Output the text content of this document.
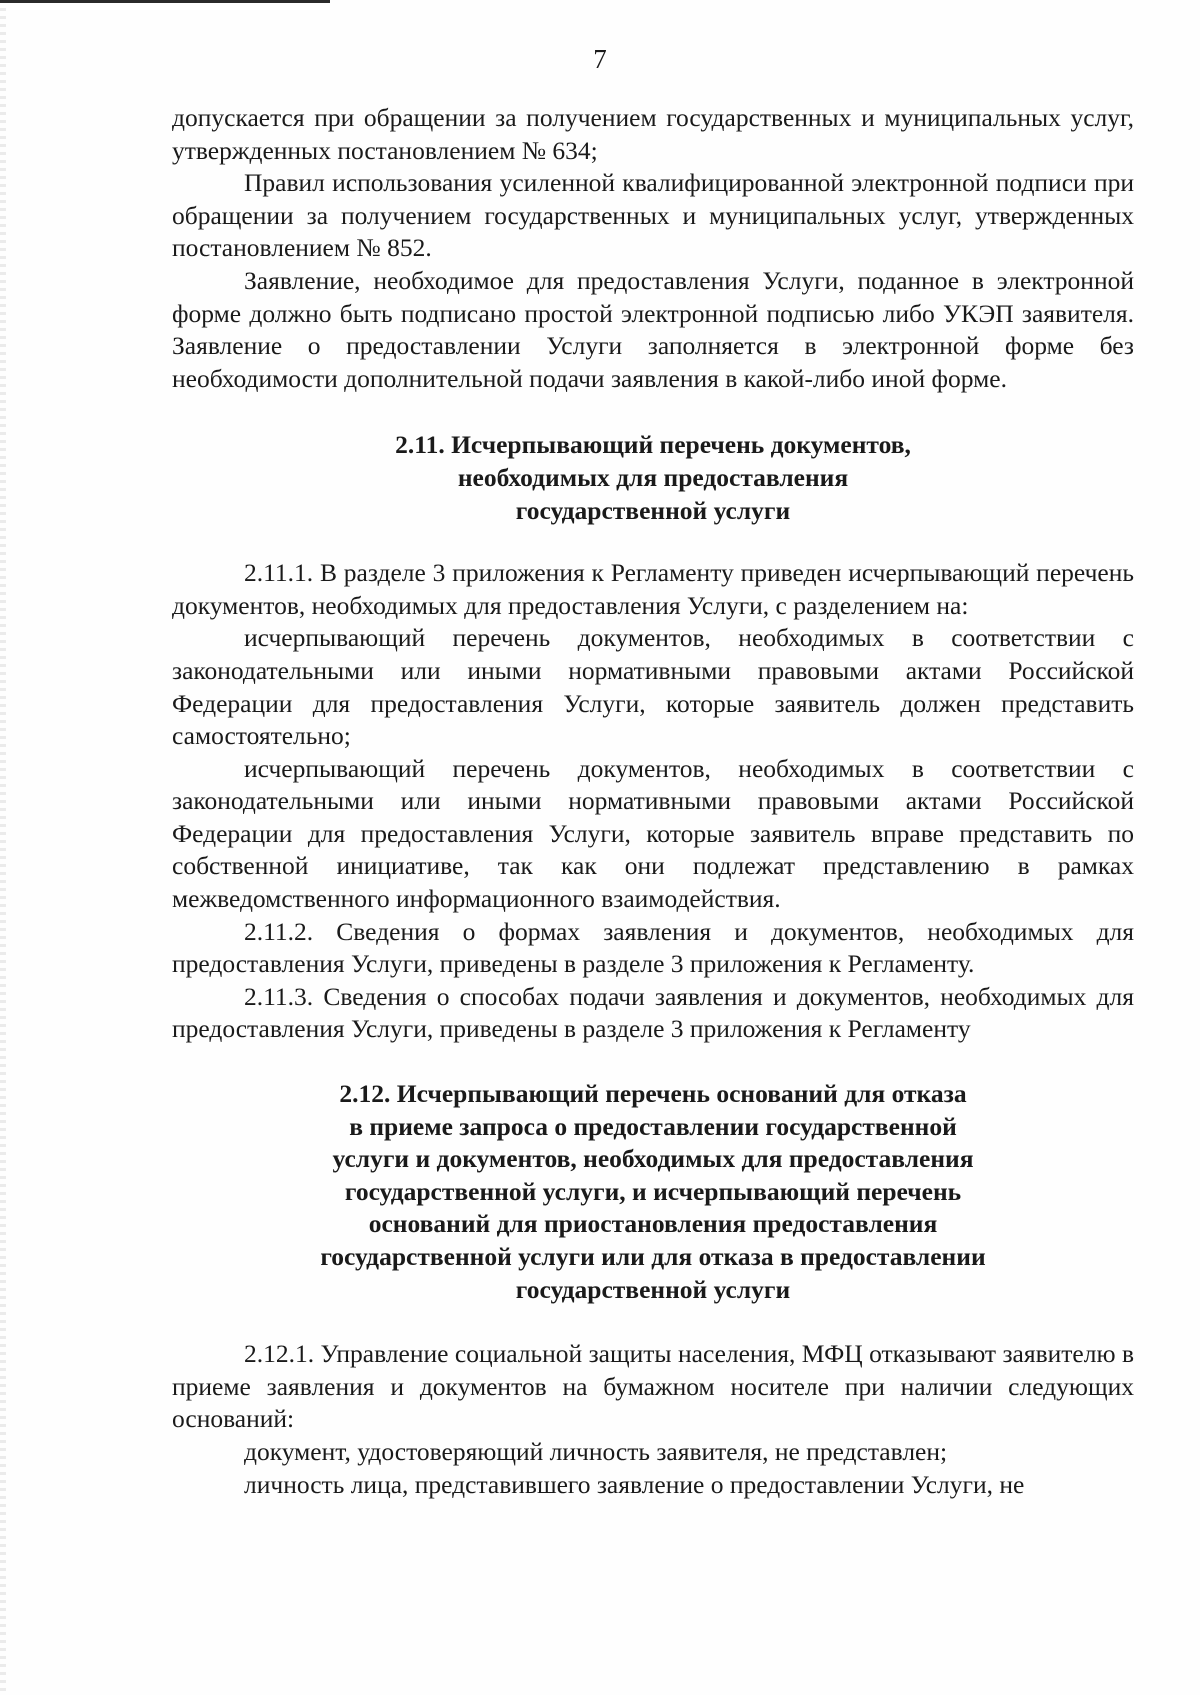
7

допускается при обращении за получением государственных и муниципальных услуг, утвержденных постановлением № 634;

Правил использования усиленной квалифицированной электронной подписи при обращении за получением государственных и муниципальных услуг, утвержденных постановлением № 852.

Заявление, необходимое для предоставления Услуги, поданное в электронной форме должно быть подписано простой электронной подписью либо УКЭП заявителя. Заявление о предоставлении Услуги заполняется в электронной форме без необходимости дополнительной подачи заявления в какой-либо иной форме.

2.11. Исчерпывающий перечень документов,
необходимых для предоставления
государственной услуги

2.11.1. В разделе 3 приложения к Регламенту приведен исчерпывающий перечень документов, необходимых для предоставления Услуги, с разделением на:

исчерпывающий перечень документов, необходимых в соответствии с законодательными или иными нормативными правовыми актами Российской Федерации для предоставления Услуги, которые заявитель должен представить самостоятельно;

исчерпывающий перечень документов, необходимых в соответствии с законодательными или иными нормативными правовыми актами Российской Федерации для предоставления Услуги, которые заявитель вправе представить по собственной инициативе, так как они подлежат представлению в рамках межведомственного информационного взаимодействия.

2.11.2. Сведения о формах заявления и документов, необходимых для предоставления Услуги, приведены в разделе 3 приложения к Регламенту.

2.11.3. Сведения о способах подачи заявления и документов, необходимых для предоставления Услуги, приведены в разделе 3 приложения к Регламенту

2.12. Исчерпывающий перечень оснований для отказа
в приеме запроса о предоставлении государственной
услуги и документов, необходимых для предоставления
государственной услуги, и исчерпывающий перечень
оснований для приостановления предоставления
государственной услуги или для отказа в предоставлении
государственной услуги

2.12.1. Управление социальной защиты населения, МФЦ отказывают заявителю в приеме заявления и документов на бумажном носителе при наличии следующих оснований:

документ, удостоверяющий личность заявителя, не представлен;

личность лица, представившего заявление о предоставлении Услуги, не
